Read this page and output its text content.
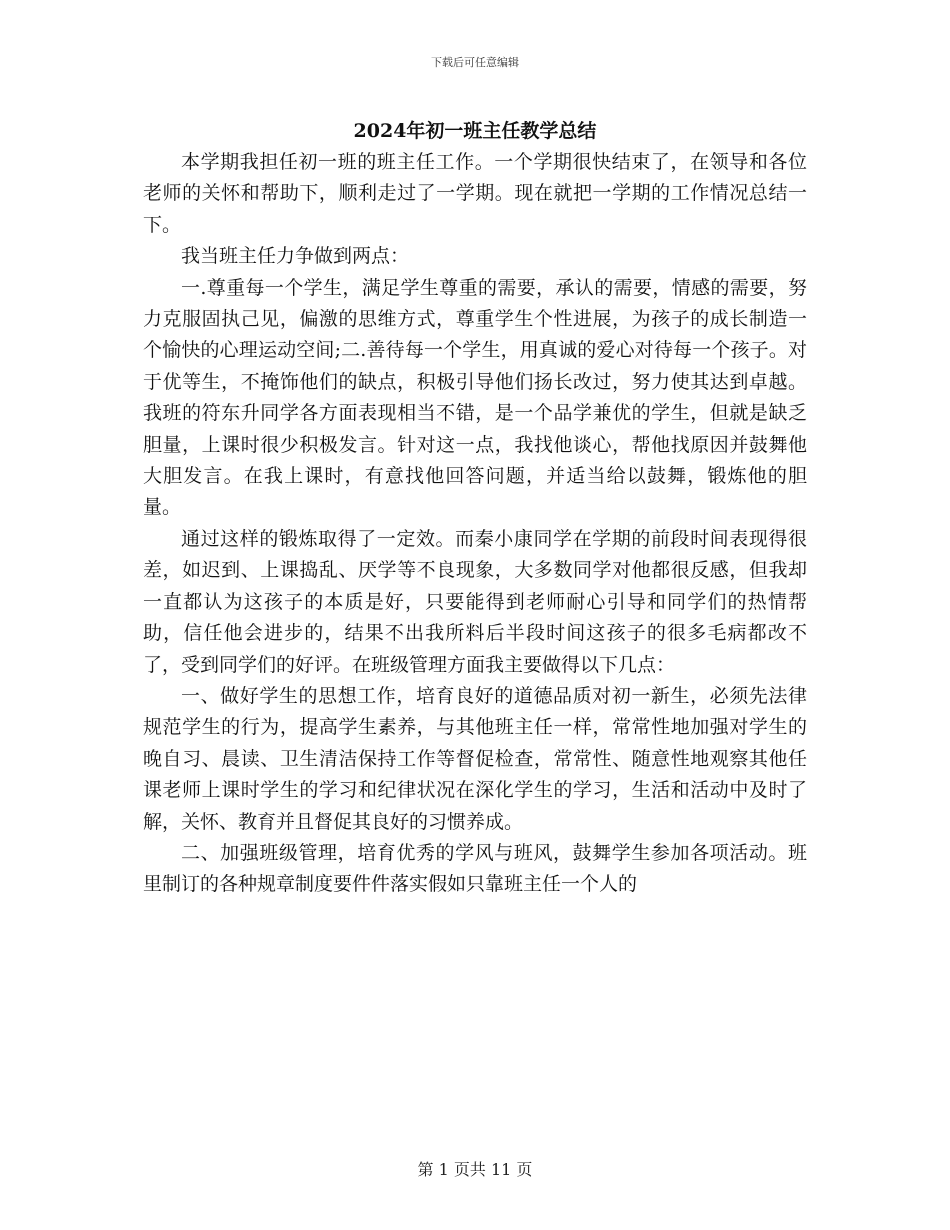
下载后可任意编辑
2024年初一班主任教学总结

本学期我担任初一班的班主任工作。一个学期很快结束了，在领导和各位老师的关怀和帮助下，顺利走过了一学期。现在就把一学期的工作情况总结一下。

我当班主任力争做到两点：

一.尊重每一个学生，满足学生尊重的需要，承认的需要，情感的需要，努力克服固执己见，偏激的思维方式，尊重学生个性进展，为孩子的成长制造一个愉快的心理运动空间;二.善待每一个学生，用真诚的爱心对待每一个孩子。对于优等生，不掩饰他们的缺点，积极引导他们扬长改过，努力使其达到卓越。我班的符东升同学各方面表现相当不错，是一个品学兼优的学生，但就是缺乏胆量，上课时很少积极发言。针对这一点，我找他谈心，帮他找原因并鼓舞他大胆发言。在我上课时，有意找他回答问题，并适当给以鼓舞，锻炼他的胆量。

通过这样的锻炼取得了一定效。而秦小康同学在学期的前段时间表现得很差，如迟到、上课捣乱、厌学等不良现象，大多数同学对他都很反感，但我却一直都认为这孩子的本质是好，只要能得到老师耐心引导和同学们的热情帮助，信任他会进步的，结果不出我所料后半段时间这孩子的很多毛病都改不了，受到同学们的好评。在班级管理方面我主要做得以下几点：

一、做好学生的思想工作，培育良好的道德品质对初一新生，必须先法律规范学生的行为，提高学生素养，与其他班主任一样，常常性地加强对学生的晚自习、晨读、卫生清洁保持工作等督促检查，常常性、随意性地观察其他任课老师上课时学生的学习和纪律状况在深化学生的学习，生活和活动中及时了解，关怀、教育并且督促其良好的习惯养成。

二、加强班级管理，培育优秀的学风与班风，鼓舞学生参加各项活动。班里制订的各种规章制度要件件落实假如只靠班主任一个人的

第 1 页共 11 页
